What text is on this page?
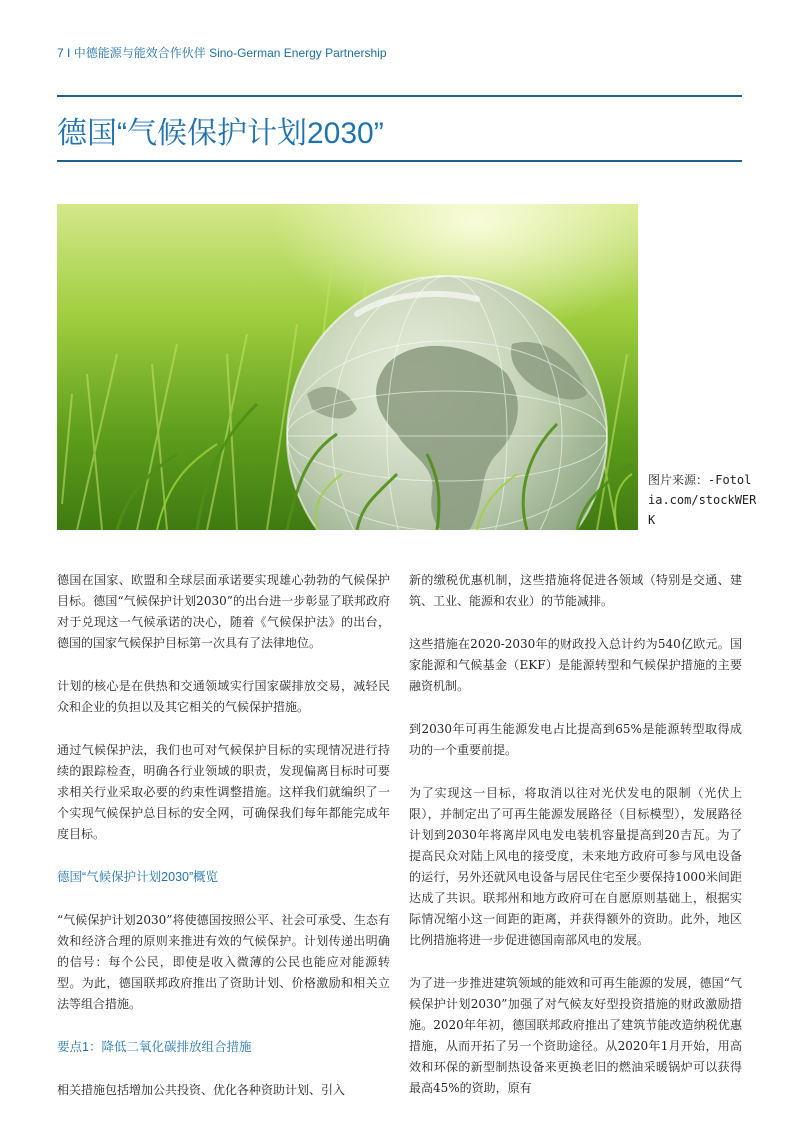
7 I 中德能源与能效合作伙伴 Sino-German Energy Partnership
德国“气候保护计划2030”
图片来源：-Fotolia.com/stockWERK

德国在国家、欧盟和全球层面承诺要实现雄心勃勃的气候保护目标。德国“气候保护计划2030”的出台进一步彰显了联邦政府对于兑现这一气候承诺的决心，随着《气候保护法》的出台，德国的国家气候保护目标第一次具有了法律地位。

计划的核心是在供热和交通领域实行国家碳排放交易，减轻民众和企业的负担以及其它相关的气候保护措施。

通过气候保护法，我们也可对气候保护目标的实现情况进行持续的跟踪检查，明确各行业领域的职责，发现偏离目标时可要求相关行业采取必要的约束性调整措施。这样我们就编织了一个实现气候保护总目标的安全网，可确保我们每年都能完成年度目标。

德国“气候保护计划2030”概览

“气候保护计划2030”将使德国按照公平、社会可承受、生态有效和经济合理的原则来推进有效的气候保护。计划传递出明确的信号：每个公民，即使是收入微薄的公民也能应对能源转型。为此，德国联邦政府推出了资助计划、价格激励和相关立法等组合措施。

要点1：降低二氧化碳排放组合措施

相关措施包括增加公共投资、优化各种资助计划、引入

新的缴税优惠机制，这些措施将促进各领域（特别是交通、建筑、工业、能源和农业）的节能减排。

这些措施在2020-2030年的财政投入总计约为540亿欧元。国家能源和气候基金（EKF）是能源转型和气候保护措施的主要融资机制。

到2030年可再生能源发电占比提高到65%是能源转型取得成功的一个重要前提。

为了实现这一目标，将取消以往对光伏发电的限制（光伏上限），并制定出了可再生能源发展路径（目标模型），发展路径计划到2030年将离岸风电发电装机容量提高到20吉瓦。为了提高民众对陆上风电的接受度，未来地方政府可参与风电设备的运行，另外还就风电设备与居民住宅至少要保持1000米间距达成了共识。联邦州和地方政府可在自愿原则基础上，根据实际情况缩小这一间距的距离，并获得额外的资助。此外，地区比例措施将进一步促进德国南部风电的发展。

为了进一步推进建筑领域的能效和可再生能源的发展，德国“气候保护计划2030”加强了对气候友好型投资措施的财政激励措施。2020年年初，德国联邦政府推出了建筑节能改造纳税优惠措施，从而开拓了另一个资助途径。从2020年1月开始，用高效和环保的新型制热设备来更换老旧的燃油采暖锅炉可以获得最高45%的资助，原有
